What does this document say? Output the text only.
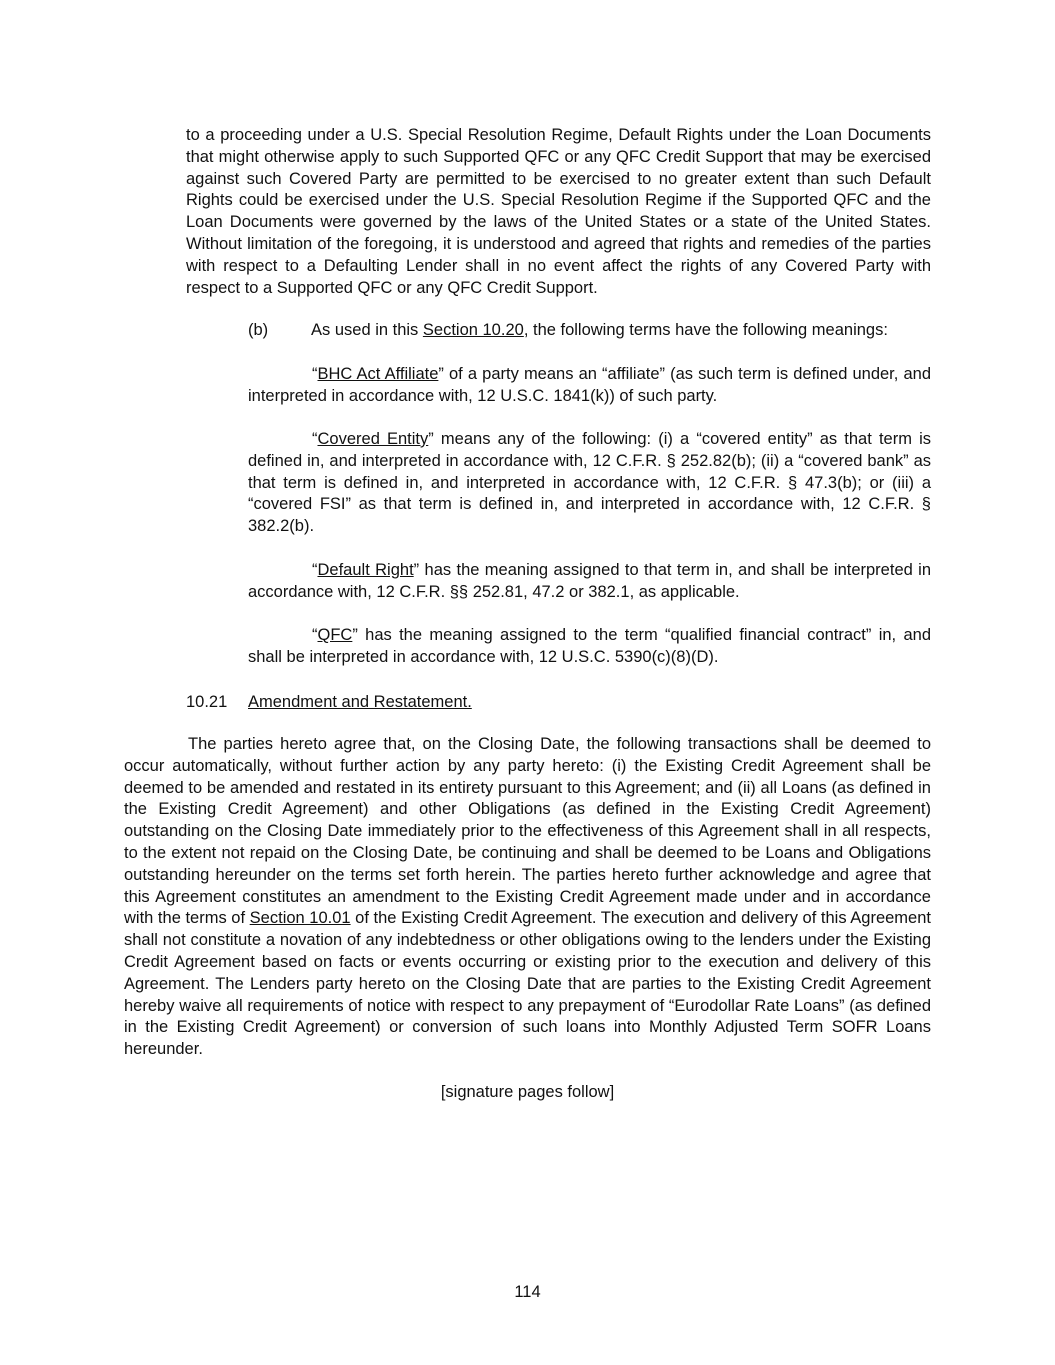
to a proceeding under a U.S. Special Resolution Regime, Default Rights under the Loan Documents that might otherwise apply to such Supported QFC or any QFC Credit Support that may be exercised against such Covered Party are permitted to be exercised to no greater extent than such Default Rights could be exercised under the U.S. Special Resolution Regime if the Supported QFC and the Loan Documents were governed by the laws of the United States or a state of the United States. Without limitation of the foregoing, it is understood and agreed that rights and remedies of the parties with respect to a Defaulting Lender shall in no event affect the rights of any Covered Party with respect to a Supported QFC or any QFC Credit Support.

(b)	As used in this Section 10.20, the following terms have the following meanings:

“BHC Act Affiliate” of a party means an “affiliate” (as such term is defined under, and interpreted in accordance with, 12 U.S.C. 1841(k)) of such party.

“Covered Entity” means any of the following: (i) a “covered entity” as that term is defined in, and interpreted in accordance with, 12 C.F.R. § 252.82(b); (ii) a “covered bank” as that term is defined in, and interpreted in accordance with, 12 C.F.R. § 47.3(b); or (iii) a “covered FSI” as that term is defined in, and interpreted in accordance with, 12 C.F.R. § 382.2(b).

“Default Right” has the meaning assigned to that term in, and shall be interpreted in accordance with, 12 C.F.R. §§ 252.81, 47.2 or 382.1, as applicable.

“QFC” has the meaning assigned to the term “qualified financial contract” in, and shall be interpreted in accordance with, 12 U.S.C. 5390(c)(8)(D).

10.21 Amendment and Restatement.

The parties hereto agree that, on the Closing Date, the following transactions shall be deemed to occur automatically, without further action by any party hereto: (i) the Existing Credit Agreement shall be deemed to be amended and restated in its entirety pursuant to this Agreement; and (ii) all Loans (as defined in the Existing Credit Agreement) and other Obligations (as defined in the Existing Credit Agreement) outstanding on the Closing Date immediately prior to the effectiveness of this Agreement shall in all respects, to the extent not repaid on the Closing Date, be continuing and shall be deemed to be Loans and Obligations outstanding hereunder on the terms set forth herein. The parties hereto further acknowledge and agree that this Agreement constitutes an amendment to the Existing Credit Agreement made under and in accordance with the terms of Section 10.01 of the Existing Credit Agreement. The execution and delivery of this Agreement shall not constitute a novation of any indebtedness or other obligations owing to the lenders under the Existing Credit Agreement based on facts or events occurring or existing prior to the execution and delivery of this Agreement. The Lenders party hereto on the Closing Date that are parties to the Existing Credit Agreement hereby waive all requirements of notice with respect to any prepayment of “Eurodollar Rate Loans” (as defined in the Existing Credit Agreement) or conversion of such loans into Monthly Adjusted Term SOFR Loans hereunder.

[signature pages follow]

114
